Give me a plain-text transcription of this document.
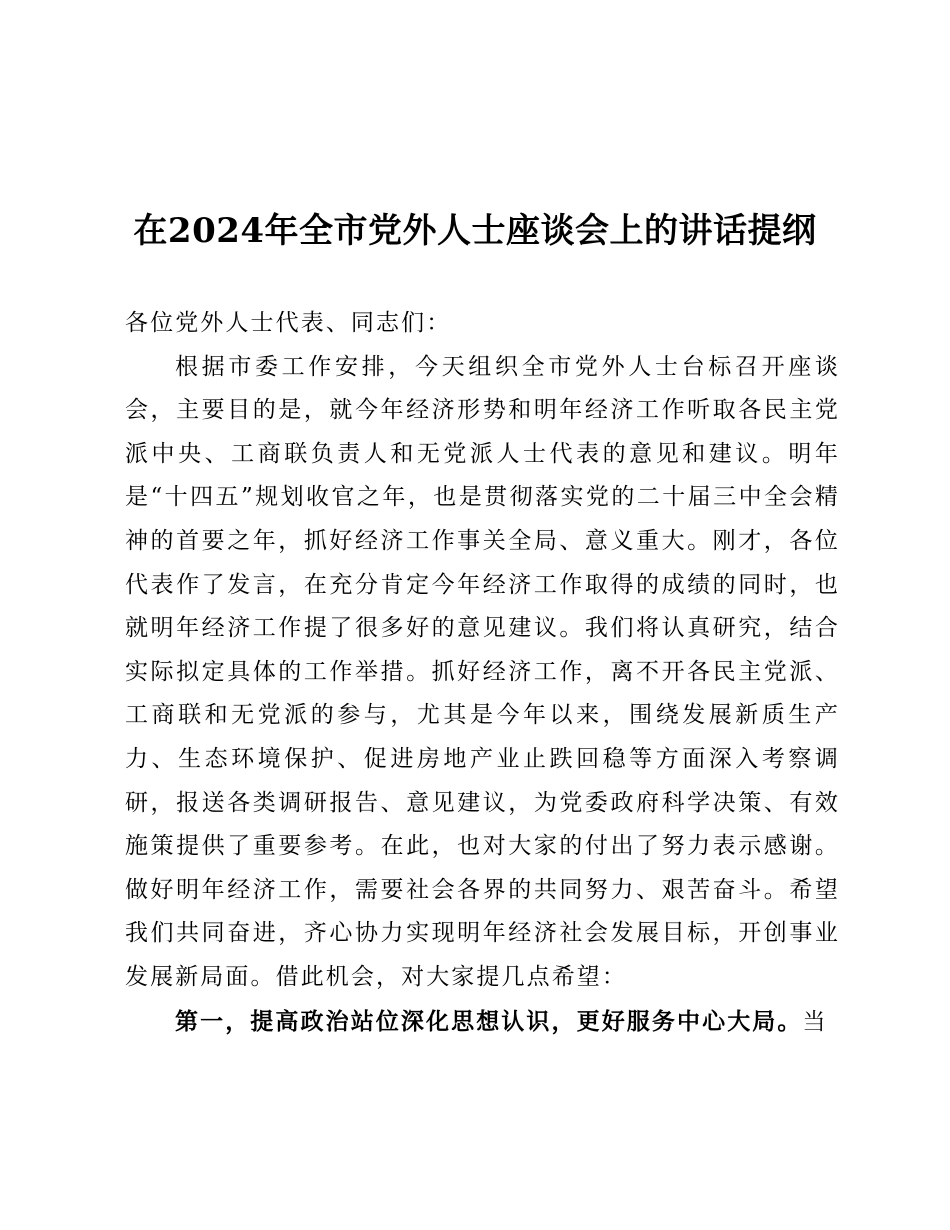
在2024年全市党外人士座谈会上的讲话提纲

各位党外人士代表、同志们：

根据市委工作安排，今天组织全市党外人士台标召开座谈会，主要目的是，就今年经济形势和明年经济工作听取各民主党派中央、工商联负责人和无党派人士代表的意见和建议。明年是“十四五”规划收官之年，也是贯彻落实党的二十届三中全会精神的首要之年，抓好经济工作事关全局、意义重大。刚才，各位代表作了发言，在充分肯定今年经济工作取得的成绩的同时，也就明年经济工作提了很多好的意见建议。我们将认真研究，结合实际拟定具体的工作举措。抓好经济工作，离不开各民主党派、工商联和无党派的参与，尤其是今年以来，围绕发展新质生产力、生态环境保护、促进房地产业止跌回稳等方面深入考察调研，报送各类调研报告、意见建议，为党委政府科学决策、有效施策提供了重要参考。在此，也对大家的付出了努力表示感谢。做好明年经济工作，需要社会各界的共同努力、艰苦奋斗。希望我们共同奋进，齐心协力实现明年经济社会发展目标，开创事业发展新局面。借此机会，对大家提几点希望：

第一，提高政治站位深化思想认识，更好服务中心大局。当
